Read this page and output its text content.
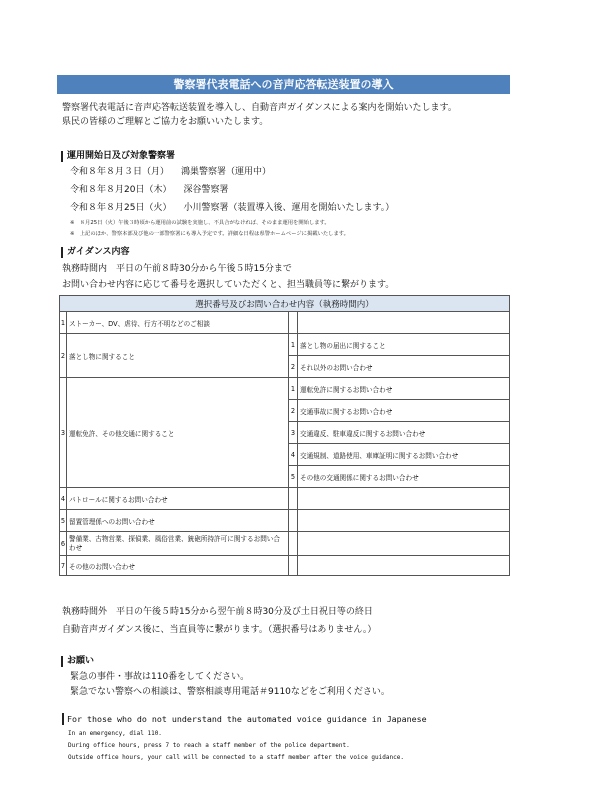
警察署代表電話への音声応答転送装置の導入
警察署代表電話に音声応答転送装置を導入し、自動音声ガイダンスによる案内を開始いたします。
県民の皆様のご理解とご協力をお願いいたします。
運用開始日及び対象警察署
令和８年８月３日（月） 鴻巣警察署（運用中）
令和８年８月20日（木） 深谷警察署
令和８年８月25日（火） 小川警察署（装置導入後、運用を開始いたします。）
※　８月25日（火）午後３時頃から運用前の試験を実施し、不具合がなければ、そのまま運用を開始します。
※　上記のほか、警察本部及び他の一部警察署にも導入予定です。詳細な日程は県警ホームページに掲載いたします。
ガイダンス内容
執務時間内　平日の午前８時30分から午後５時15分まで
お問い合わせ内容に応じて番号を選択していただくと、担当職員等に繋がります。
選択番号及びお問い合わせ内容（執務時間内）			
1	ストーカー、DV、虐待、行方不明などのご相談		
2	落とし物に関すること	1	落とし物の届出に関すること
		2	それ以外のお問い合わせ
3	運転免許、その他交通に関すること	1	運転免許に関するお問い合わせ
		2	交通事故に関するお問い合わせ
		3	交通違反、駐車違反に関するお問い合わせ
		4	交通規制、道路使用、車庫証明に関するお問い合わせ
		5	その他の交通関係に関するお問い合わせ
4	パトロールに関するお問い合わせ		
5	留置管理係へのお問い合わせ		
6	警備業、古物営業、探偵業、風俗営業、銃砲所持許可に関するお問い合わせ		
7	その他のお問い合わせ		
執務時間外　平日の午後５時15分から翌午前８時30分及び土日祝日等の終日
自動音声ガイダンス後に、当直員等に繋がります。（選択番号はありません。）
お願い
緊急の事件・事故は110番をしてください。
緊急でない警察への相談は、警察相談専用電話＃9110などをご利用ください。
For those who do not understand the automated voice guidance in Japanese
In an emergency, dial 110.
During office hours, press 7 to reach a staff member of the police department.
Outside office hours, your call will be connected to a staff member after the voice guidance.
